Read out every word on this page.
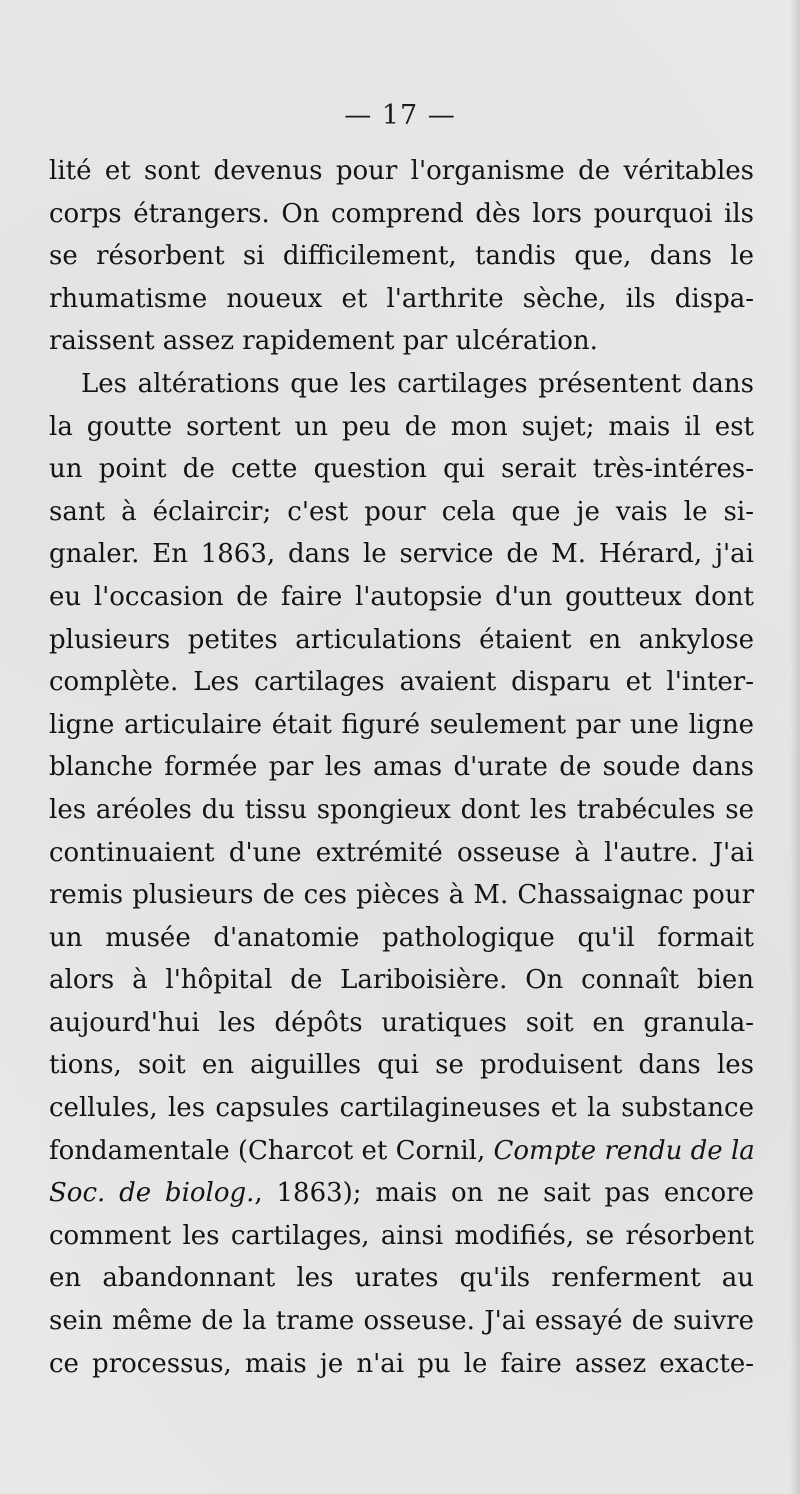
— 17 —
lité et sont devenus pour l'organisme de véritables
corps étrangers. On comprend dès lors pourquoi ils
se résorbent si difficilement, tandis que, dans le
rhumatisme noueux et l'arthrite sèche, ils dispa-
raissent assez rapidement par ulcération.
Les altérations que les cartilages présentent dans
la goutte sortent un peu de mon sujet; mais il est
un point de cette question qui serait très-intéres-
sant à éclaircir; c'est pour cela que je vais le si-
gnaler. En 1863, dans le service de M. Hérard, j'ai
eu l'occasion de faire l'autopsie d'un goutteux dont
plusieurs petites articulations étaient en ankylose
complète. Les cartilages avaient disparu et l'inter-
ligne articulaire était figuré seulement par une ligne
blanche formée par les amas d'urate de soude dans
les aréoles du tissu spongieux dont les trabécules se
continuaient d'une extrémité osseuse à l'autre. J'ai
remis plusieurs de ces pièces à M. Chassaignac pour
un musée d'anatomie pathologique qu'il formait
alors à l'hôpital de Lariboisière. On connaît bien
aujourd'hui les dépôts uratiques soit en granula-
tions, soit en aiguilles qui se produisent dans les
cellules, les capsules cartilagineuses et la substance
fondamentale (Charcot et Cornil, Compte rendu de la
Soc. de biolog., 1863); mais on ne sait pas encore
comment les cartilages, ainsi modifiés, se résorbent
en abandonnant les urates qu'ils renferment au
sein même de la trame osseuse. J'ai essayé de suivre
ce processus, mais je n'ai pu le faire assez exacte-
